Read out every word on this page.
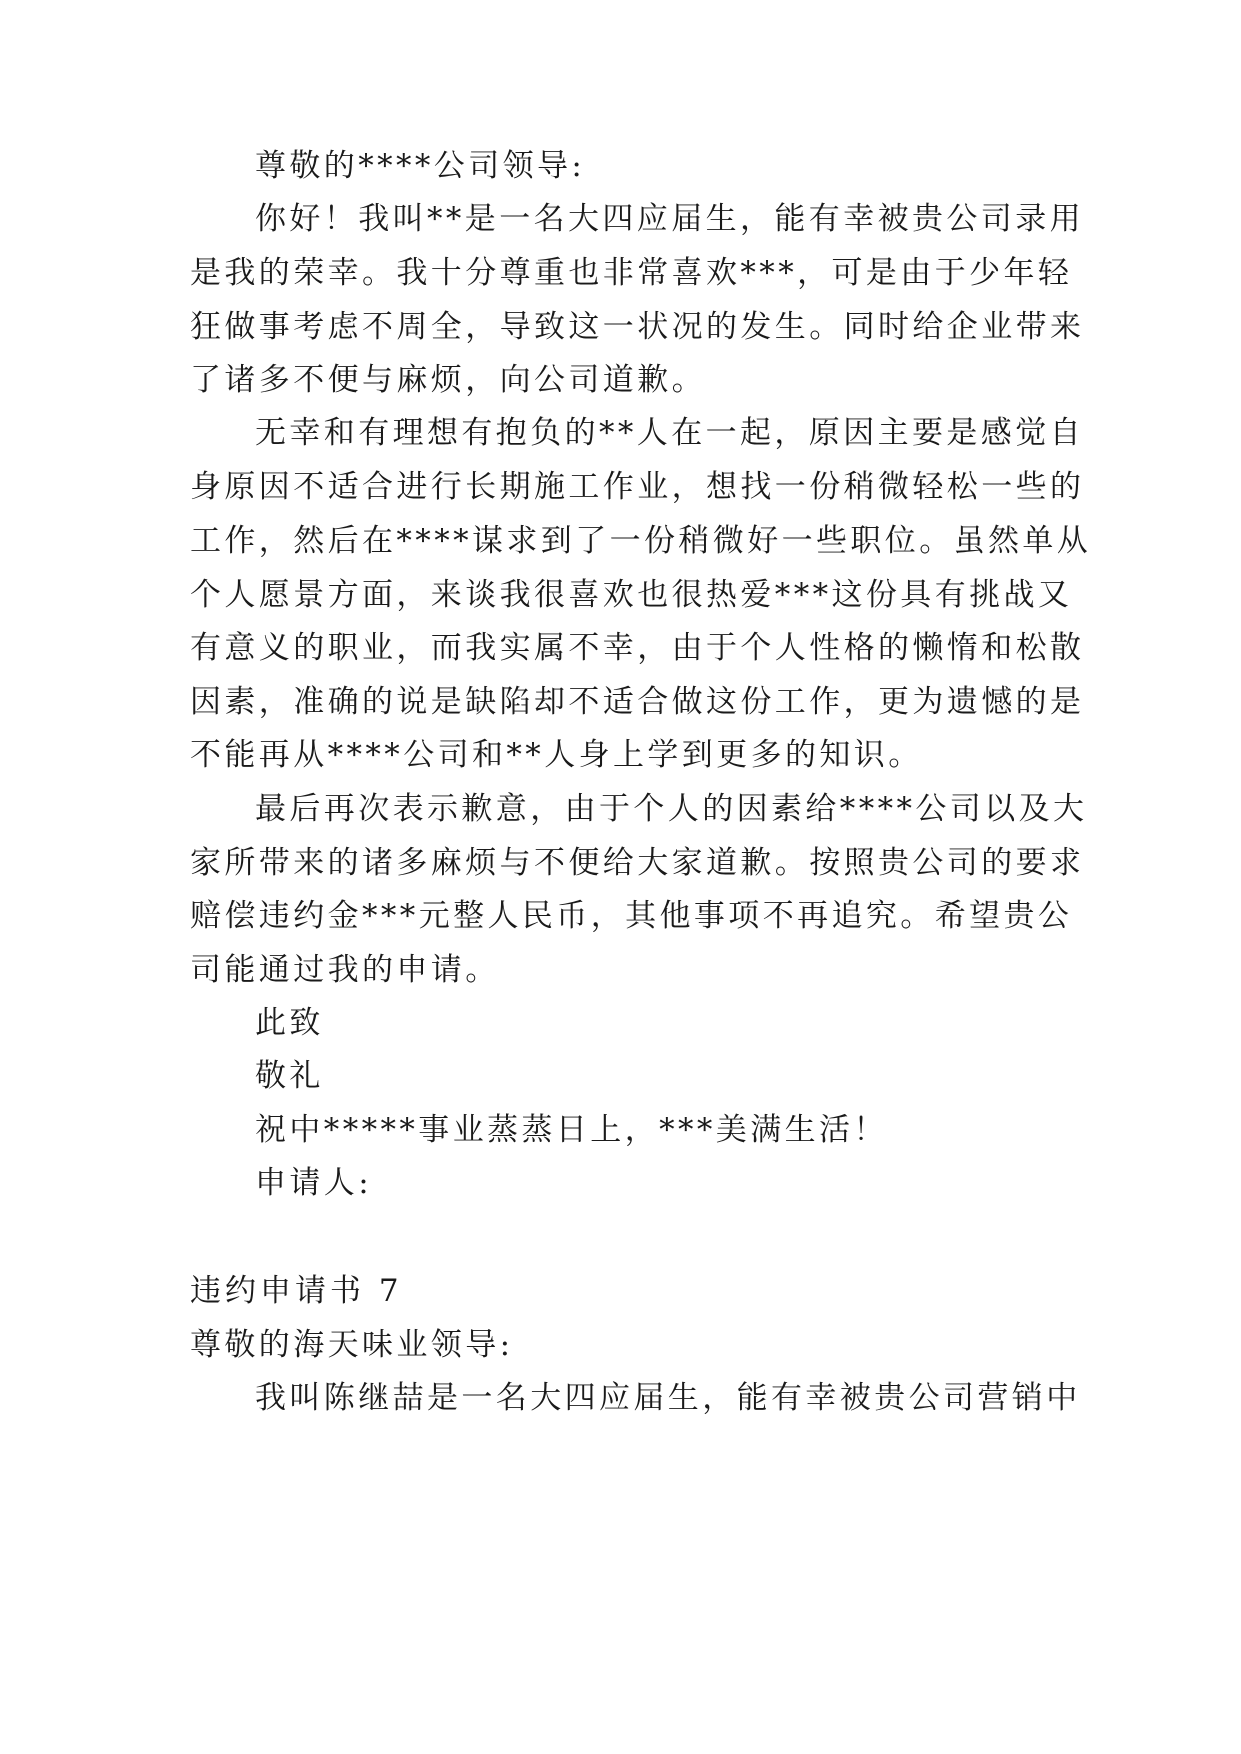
尊敬的****公司领导:
你好！我叫**是一名大四应届生，能有幸被贵公司录用
是我的荣幸。我十分尊重也非常喜欢***，可是由于少年轻
狂做事考虑不周全，导致这一状况的发生。同时给企业带来
了诸多不便与麻烦，向公司道歉。
无幸和有理想有抱负的**人在一起，原因主要是感觉自
身原因不适合进行长期施工作业，想找一份稍微轻松一些的
工作，然后在****谋求到了一份稍微好一些职位。虽然单从
个人愿景方面，来谈我很喜欢也很热爱***这份具有挑战又
有意义的职业，而我实属不幸，由于个人性格的懒惰和松散
因素，准确的说是缺陷却不适合做这份工作，更为遗憾的是
不能再从****公司和**人身上学到更多的知识。
最后再次表示歉意，由于个人的因素给****公司以及大
家所带来的诸多麻烦与不便给大家道歉。按照贵公司的要求
赔偿违约金***元整人民币，其他事项不再追究。希望贵公
司能通过我的申请。
此致
敬礼
祝中*****事业蒸蒸日上，***美满生活！
申请人:
违约申请书 7
尊敬的海天味业领导:
我叫陈继喆是一名大四应届生，能有幸被贵公司营销中
